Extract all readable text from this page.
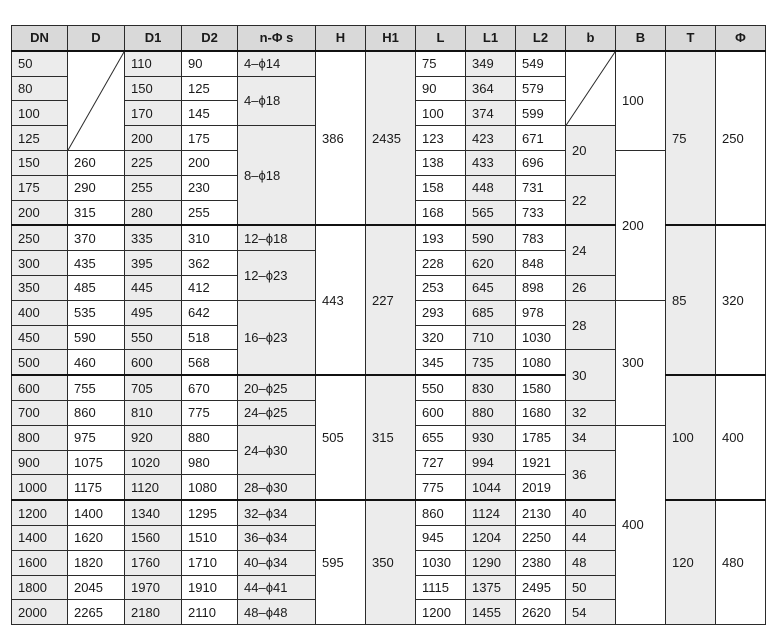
DN	D	D1	D2	n-Φ s	H	H1	L	L1	L2	b	B	T	Φ
50		110	90	4–ϕ14	386	2435	75	349	549		100	75	250
80		150	125	4–ϕ18			90	364	579				
100		170	145				100	374	599				
125		200	175	8–ϕ18			123	423	671	20			
150	260	225	200				138	433	696		200		
175	290	255	230				158	448	731	22			
200	315	280	255				168	565	733				
250	370	335	310	12–ϕ18	443	227	193	590	783	24		85	320
300	435	395	362	12–ϕ23			228	620	848				
350	485	445	412				253	645	898	26			
400	535	495	642	16–ϕ23			293	685	978	28	300		
450	590	550	518				320	710	1030				
500	460	600	568				345	735	1080	30			
600	755	705	670	20–ϕ25	505	315	550	830	1580			100	400
700	860	810	775	24–ϕ25			600	880	1680	32			
800	975	920	880	24–ϕ30			655	930	1785	34	400		
900	1075	1020	980				727	994	1921	36			
1000	1175	1120	1080	28–ϕ30			775	1044	2019				
1200	1400	1340	1295	32–ϕ34	595	350	860	1124	2130	40		120	480
1400	1620	1560	1510	36–ϕ34			945	1204	2250	44			
1600	1820	1760	1710	40–ϕ34			1030	1290	2380	48			
1800	2045	1970	1910	44–ϕ41			1115	1375	2495	50			
2000	2265	2180	2110	48–ϕ48			1200	1455	2620	54			
